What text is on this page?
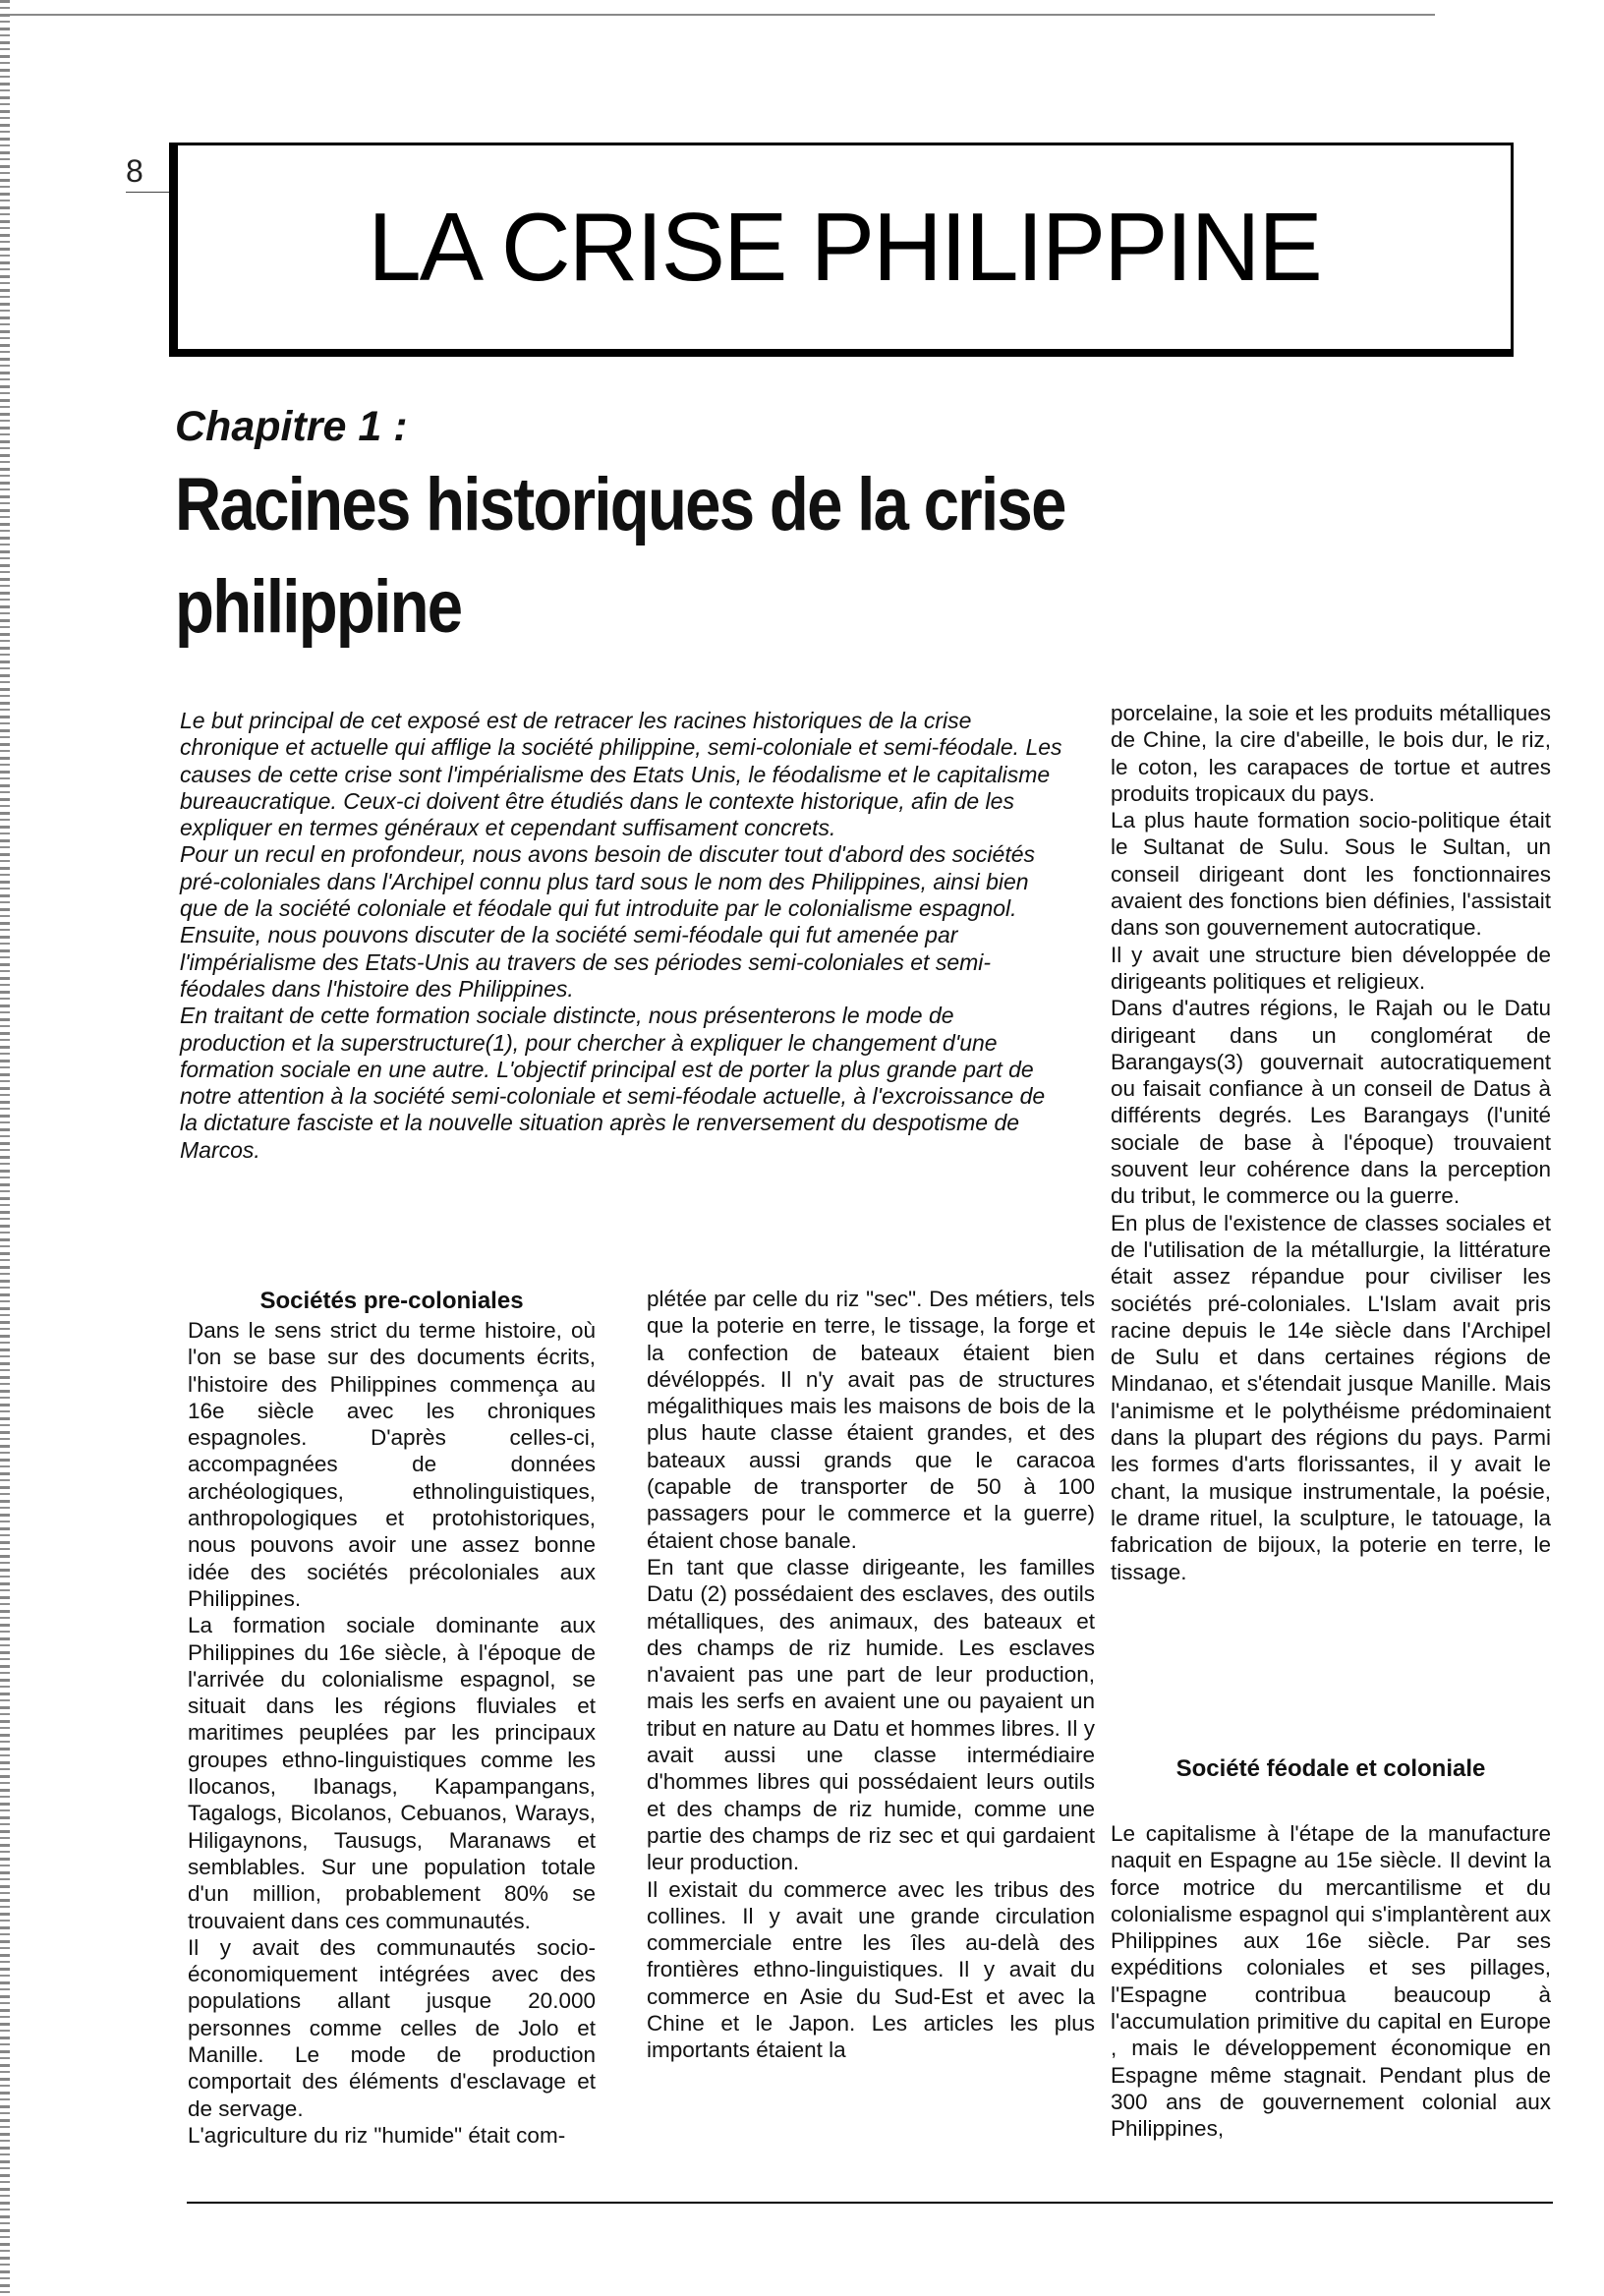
8
LA CRISE PHILIPPINE
Chapitre 1 :
Racines historiques de la crise philippine

Le but principal de cet exposé est de retracer les racines historiques de la crise chronique et actuelle qui afflige la société philippine, semi-coloniale et semi-féodale. Les causes de cette crise sont l'impérialisme des Etats Unis, le féodalisme et le capitalisme bureaucratique. Ceux-ci doivent être étudiés dans le contexte historique, afin de les expliquer en termes généraux et cependant suffisament concrets.

Pour un recul en profondeur, nous avons besoin de discuter tout d'abord des sociétés pré-coloniales dans l'Archipel connu plus tard sous le nom des Philippines, ainsi bien que de la société coloniale et féodale qui fut introduite par le colonialisme espagnol. Ensuite, nous pouvons discuter de la société semi-féodale qui fut amenée par l'impérialisme des Etats-Unis au travers de ses périodes semi-coloniales et semi-féodales dans l'histoire des Philippines.

En traitant de cette formation sociale distincte, nous présenterons le mode de production et la superstructure(1), pour chercher à expliquer le changement d'une formation sociale en une autre. L'objectif principal est de porter la plus grande part de notre attention à la société semi-coloniale et semi-féodale actuelle, à l'excroissance de la dictature fasciste et la nouvelle situation après le renversement du despotisme de Marcos.

Sociétés pre-coloniales

Dans le sens strict du terme histoire, où l'on se base sur des documents écrits, l'histoire des Philippines commença au 16e siècle avec les chroniques espagnoles. D'après celles-ci, accompagnées de données archéologiques, ethnolinguistiques, anthropologiques et protohistoriques, nous pouvons avoir une assez bonne idée des sociétés précoloniales aux Philippines.

La formation sociale dominante aux Philippines du 16e siècle, à l'époque de l'arrivée du colonialisme espagnol, se situait dans les régions fluviales et maritimes peuplées par les principaux groupes ethno-linguistiques comme les Ilocanos, Ibanags, Kapampangans, Tagalogs, Bicolanos, Cebuanos, Warays, Hiligaynons, Tausugs, Maranaws et semblables. Sur une population totale d'un million, probablement 80% se trouvaient dans ces communautés.

Il y avait des communautés socio-économiquement intégrées avec des populations allant jusque 20.000 personnes comme celles de Jolo et Manille. Le mode de production comportait des éléments d'esclavage et de servage.

L'agriculture du riz "humide" était com-

plétée par celle du riz "sec". Des métiers, tels que la poterie en terre, le tissage, la forge et la confection de bateaux étaient bien dévéloppés. Il n'y avait pas de structures mégalithiques mais les maisons de bois de la plus haute classe étaient grandes, et des bateaux aussi grands que le caracoa (capable de transporter de 50 à 100 passagers pour le commerce et la guerre) étaient chose banale.

En tant que classe dirigeante, les familles Datu (2) possédaient des esclaves, des outils métalliques, des animaux, des bateaux et des champs de riz humide. Les esclaves n'avaient pas une part de leur production, mais les serfs en avaient une ou payaient un tribut en nature au Datu et hommes libres. Il y avait aussi une classe intermédiaire d'hommes libres qui possédaient leurs outils et des champs de riz humide, comme une partie des champs de riz sec et qui gardaient leur production.

Il existait du commerce avec les tribus des collines. Il y avait une grande circulation commerciale entre les îles au-delà des frontières ethno-linguistiques. Il y avait du commerce en Asie du Sud-Est et avec la Chine et le Japon. Les articles les plus importants étaient la

porcelaine, la soie et les produits métalliques de Chine, la cire d'abeille, le bois dur, le riz, le coton, les carapaces de tortue et autres produits tropicaux du pays.

La plus haute formation socio-politique était le Sultanat de Sulu. Sous le Sultan, un conseil dirigeant dont les fonctionnaires avaient des fonctions bien définies, l'assistait dans son gouvernement autocratique.

Il y avait une structure bien développée de dirigeants politiques et religieux.

Dans d'autres régions, le Rajah ou le Datu dirigeant dans un conglomérat de Barangays(3) gouvernait autocratiquement ou faisait confiance à un conseil de Datus à différents degrés. Les Barangays (l'unité sociale de base à l'époque) trouvaient souvent leur cohérence dans la perception du tribut, le commerce ou la guerre.

En plus de l'existence de classes sociales et de l'utilisation de la métallurgie, la littérature était assez répandue pour civiliser les sociétés pré-coloniales. L'Islam avait pris racine depuis le 14e siècle dans l'Archipel de Sulu et dans certaines régions de Mindanao, et s'étendait jusque Manille. Mais l'animisme et le polythéisme prédominaient dans la plupart des régions du pays. Parmi les formes d'arts florissantes, il y avait le chant, la musique instrumentale, la poésie, le drame rituel, la sculpture, le tatouage, la fabrication de bijoux, la poterie en terre, le tissage.

Société féodale et coloniale

Le capitalisme à l'étape de la manufacture naquit en Espagne au 15e siècle. Il devint la force motrice du mercantilisme et du colonialisme espagnol qui s'implantèrent aux Philippines aux 16e siècle. Par ses expéditions coloniales et ses pillages, l'Espagne contribua beaucoup à l'accumulation primitive du capital en Europe , mais le développement économique en Espagne même stagnait. Pendant plus de 300 ans de gouvernement colonial aux Philippines,
